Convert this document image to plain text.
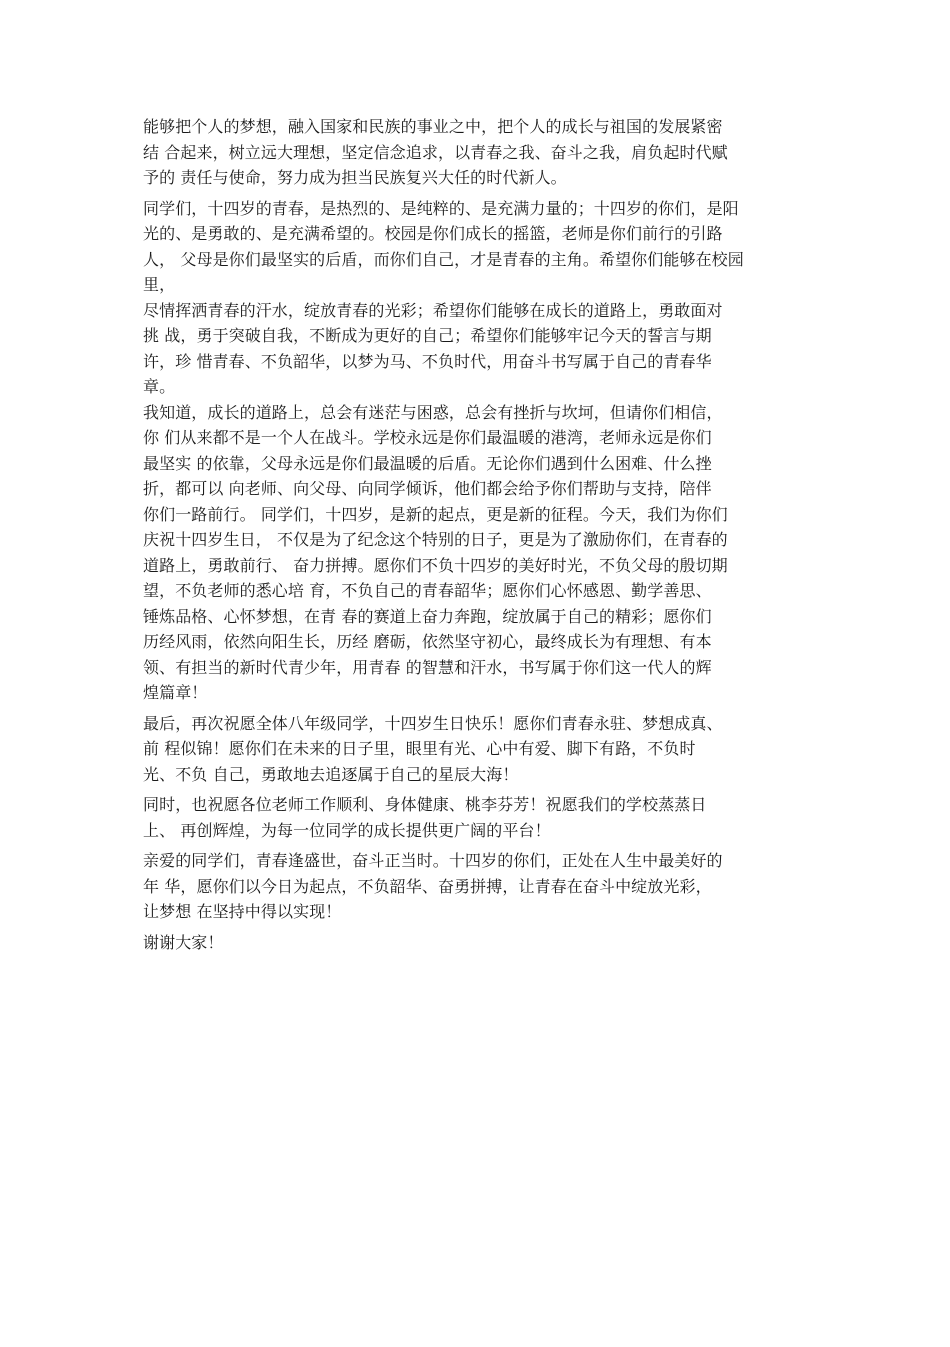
能够把个人的梦想，融入国家和民族的事业之中，把个人的成长与祖国的发展紧密
结 合起来，树立远大理想，坚定信念追求，以青春之我、奋斗之我，肩负起时代赋
予的 责任与使命，努力成为担当民族复兴大任的时代新人。
同学们，十四岁的青春，是热烈的、是纯粹的、是充满力量的；十四岁的你们，是阳
光的、是勇敢的、是充满希望的。校园是你们成长的摇篮，老师是你们前行的引路
人， 父母是你们最坚实的后盾，而你们自己，才是青春的主角。希望你们能够在校园
里，
尽情挥洒青春的汗水，绽放青春的光彩；希望你们能够在成长的道路上，勇敢面对
挑 战，勇于突破自我，不断成为更好的自己；希望你们能够牢记今天的誓言与期
许，珍 惜青春、不负韶华，以梦为马、不负时代，用奋斗书写属于自己的青春华
章。
我知道，成长的道路上，总会有迷茫与困惑，总会有挫折与坎坷，但请你们相信，
你 们从来都不是一个人在战斗。学校永远是你们最温暖的港湾，老师永远是你们
最坚实 的依靠，父母永远是你们最温暖的后盾。无论你们遇到什么困难、什么挫
折，都可以 向老师、向父母、向同学倾诉，他们都会给予你们帮助与支持，陪伴
你们一路前行。 同学们，十四岁，是新的起点，更是新的征程。今天，我们为你们
庆祝十四岁生日， 不仅是为了纪念这个特别的日子，更是为了激励你们，在青春的
道路上，勇敢前行、 奋力拼搏。愿你们不负十四岁的美好时光，不负父母的殷切期
望，不负老师的悉心培 育，不负自己的青春韶华；愿你们心怀感恩、勤学善思、
锤炼品格、心怀梦想，在青 春的赛道上奋力奔跑，绽放属于自己的精彩；愿你们
历经风雨，依然向阳生长，历经 磨砺，依然坚守初心，最终成长为有理想、有本
领、有担当的新时代青少年，用青春 的智慧和汗水，书写属于你们这一代人的辉
煌篇章！
最后，再次祝愿全体八年级同学，十四岁生日快乐！愿你们青春永驻、梦想成真、
前 程似锦！愿你们在未来的日子里，眼里有光、心中有爱、脚下有路，不负时
光、不负 自己，勇敢地去追逐属于自己的星辰大海！
同时，也祝愿各位老师工作顺利、身体健康、桃李芬芳！祝愿我们的学校蒸蒸日
上、 再创辉煌，为每一位同学的成长提供更广阔的平台！
亲爱的同学们，青春逢盛世，奋斗正当时。十四岁的你们，正处在人生中最美好的
年 华，愿你们以今日为起点，不负韶华、奋勇拼搏，让青春在奋斗中绽放光彩，
让梦想 在坚持中得以实现！
谢谢大家！
